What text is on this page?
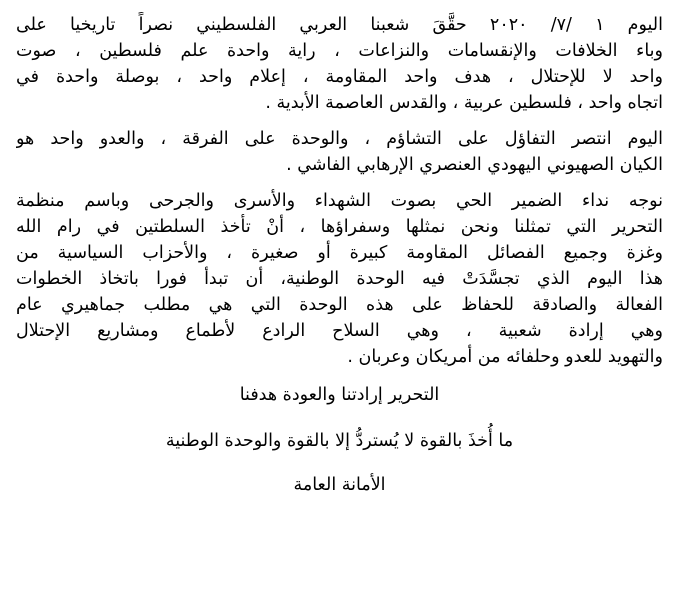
اليوم ١ /٧/ ٢٠٢٠ حقَّقَ شعبنا العربي الفلسطيني نصراً تاريخيا على
وباء الخلافات والإنقسامات والنزاعات ، راية واحدة علم فلسطين ، صوت
واحد لا للإحتلال ، هدف واحد المقاومة ، إعلام واحد ، بوصلة واحدة في
اتجاه واحد ، فلسطين عربية ، والقدس العاصمة الأبدية .
اليوم انتصر التفاؤل على التشاؤم ، والوحدة على الفرقة ، والعدو واحد هو
الكيان الصهيوني اليهودي العنصري الإرهابي الفاشي .
نوجه نداء الضمير الحي بصوت الشهداء والأسرى والجرحى وباسم منظمة
التحرير التي تمثلنا ونحن نمثلها وسفراؤها ، أنْ تأخذ السلطتين في رام الله
وغزة وجميع الفصائل المقاومة كبيرة أو صغيرة ، والأحزاب السياسية من
هذا اليوم الذي تجسَّدَتْ فيه الوحدة الوطنية، أن تبدأ فورا باتخاذ الخطوات
الفعالة والصادقة للحفاظ على هذه الوحدة التي هي مطلب جماهيري عام
وهي إرادة شعبية ، وهي السلاح الرادع لأطماع ومشاريع الإحتلال
والتهويد للعدو وحلفائه من أمريكان وعربان .
التحرير إرادتنا والعودة هدفنا
ما أُخذَ بالقوة لا يُستردُّ إلا بالقوة والوحدة الوطنية
الأمانة العامة
